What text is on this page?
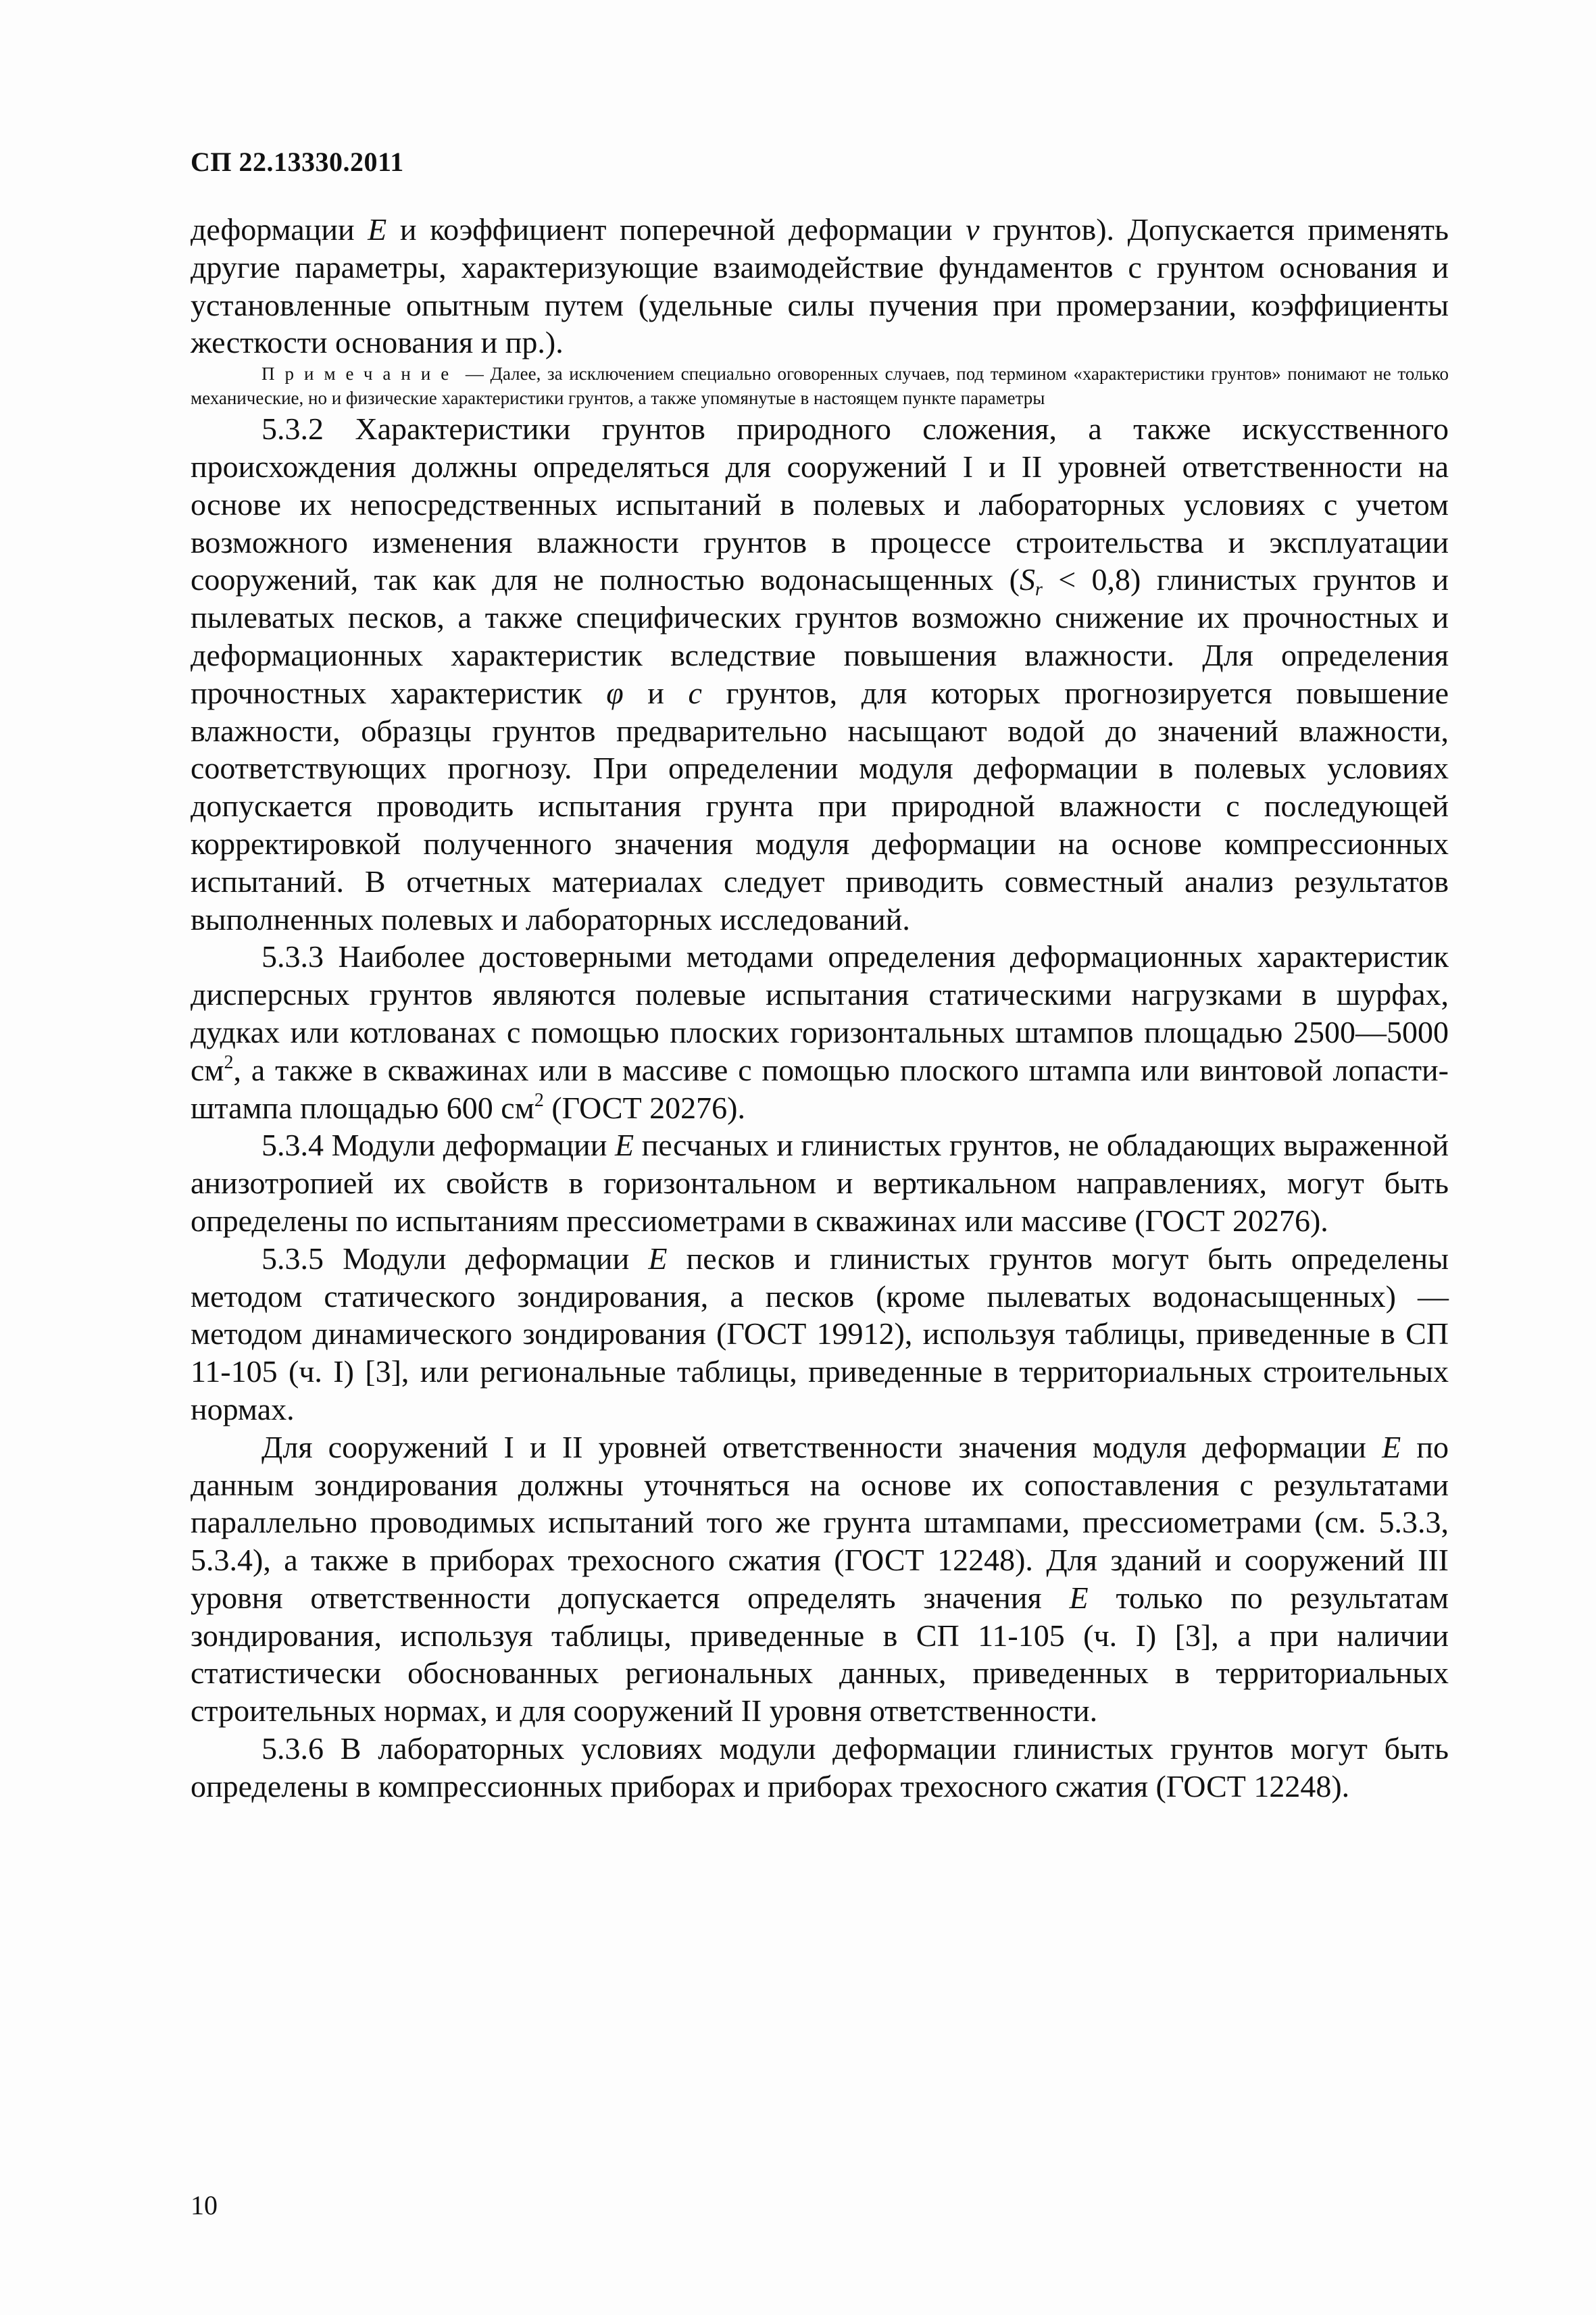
СП 22.13330.2011

деформации E и коэффициент поперечной деформации ν грунтов). Допускается применять другие параметры, характеризующие взаимодействие фундаментов с грунтом основания и установленные опытным путем (удельные силы пучения при промерзании, коэффициенты жесткости основания и пр.).

Примечание — Далее, за исключением специально оговоренных случаев, под термином «характеристики грунтов» понимают не только механические, но и физические характеристики грунтов, а также упомянутые в настоящем пункте параметры

5.3.2 Характеристики грунтов природного сложения, а также искусственного происхождения должны определяться для сооружений I и II уровней ответственности на основе их непосредственных испытаний в полевых и лабораторных условиях с учетом возможного изменения влажности грунтов в процессе строительства и эксплуатации сооружений, так как для не полностью водонасыщенных $(S_r < 0,8)$ глинистых грунтов и пылеватых песков, а также специфических грунтов возможно снижение их прочностных и деформационных характеристик вследствие повышения влажности. Для определения прочностных характеристик φ и c грунтов, для которых прогнозируется повышение влажности, образцы грунтов предварительно насыщают водой до значений влажности, соответствующих прогнозу. При определении модуля деформации в полевых условиях допускается проводить испытания грунта при природной влажности с последующей корректировкой полученного значения модуля деформации на основе компрессионных испытаний. В отчетных материалах следует приводить совместный анализ результатов выполненных полевых и лабораторных исследований.

5.3.3 Наиболее достоверными методами определения деформационных характеристик дисперсных грунтов являются полевые испытания статическими нагрузками в шурфах, дудках или котлованах с помощью плоских горизонтальных штампов площадью 2500—5000 $см^2$, а также в скважинах или в массиве с помощью плоского штампа или винтовой лопасти-штампа площадью 600 $см^2$ (ГОСТ 20276).

5.3.4 Модули деформации E песчаных и глинистых грунтов, не обладающих выраженной анизотропией их свойств в горизонтальном и вертикальном направлениях, могут быть определены по испытаниям прессиометрами в скважинах или массиве (ГОСТ 20276).

5.3.5 Модули деформации E песков и глинистых грунтов могут быть определены методом статического зондирования, а песков (кроме пылеватых водонасыщенных) — методом динамического зондирования (ГОСТ 19912), используя таблицы, приведенные в СП 11-105 (ч. I) [3], или региональные таблицы, приведенные в территориальных строительных нормах.

Для сооружений I и II уровней ответственности значения модуля деформации E по данным зондирования должны уточняться на основе их сопоставления с результатами параллельно проводимых испытаний того же грунта штампами, прессиометрами (см. 5.3.3, 5.3.4), а также в приборах трехосного сжатия (ГОСТ 12248). Для зданий и сооружений III уровня ответственности допускается определять значения E только по результатам зондирования, используя таблицы, приведенные в СП 11-105 (ч. I) [3], а при наличии статистически обоснованных региональных данных, приведенных в территориальных строительных нормах, и для сооружений II уровня ответственности.

5.3.6 В лабораторных условиях модули деформации глинистых грунтов могут быть определены в компрессионных приборах и приборах трехосного сжатия (ГОСТ 12248).

10
